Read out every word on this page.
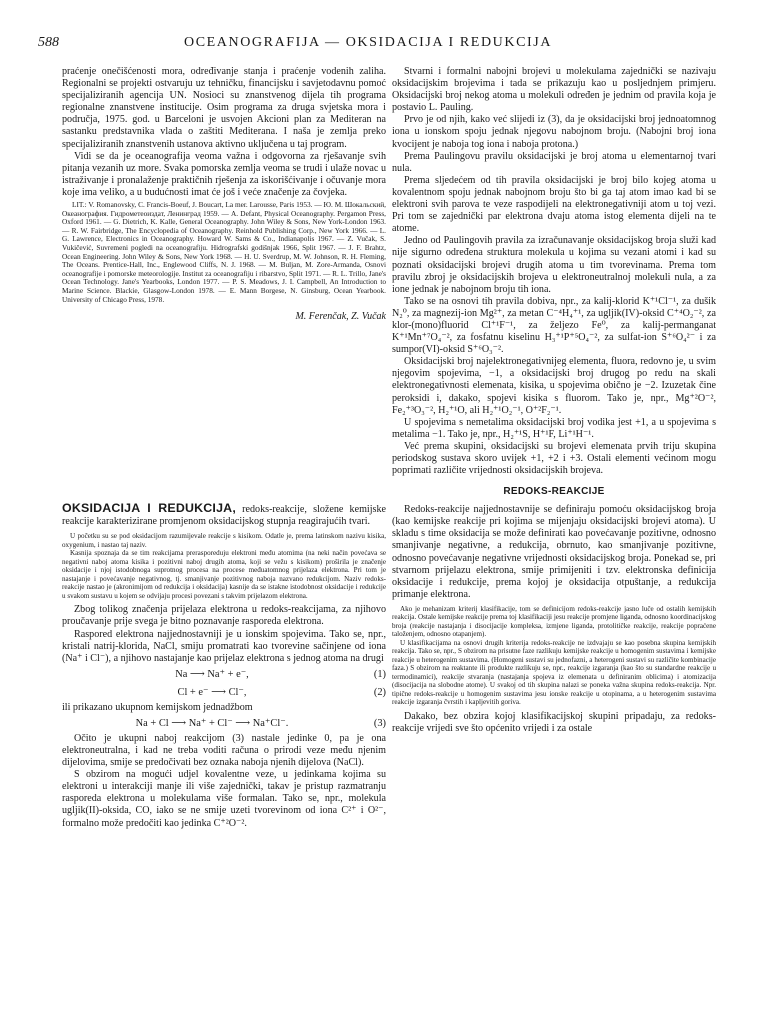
588	OCEANOGRAFIJA — OKSIDACIJA I REDUKCIJA

praćenje onečišćenosti mora, određivanje stanja i praćenje vodenih zaliha. Regionalni se projekti ostvaruju uz tehničku, financijsku i savjetodavnu pomoć specijaliziranih agencija UN. Nosioci su znanstvenog dijela tih programa regionalne znanstvene institucije. Osim programa za druga svjetska mora i područja, 1975. god. u Barceloni je usvojen Akcioni plan za Mediteran na sastanku predstavnika vlada o zaštiti Mediterana. I naša je zemlja preko specijaliziranih znanstvenih ustanova aktivno uključena u taj program.

Vidi se da je oceanografija veoma važna i odgovorna za rješavanje svih pitanja vezanih uz more. Svaka pomorska zemlja veoma se trudi i ulaže novac u istraživanje i pronalaženje praktičnih rješenja za iskorišćivanje i očuvanje mora koje ima veliko, a u budućnosti imat će još i veće značenje za čovjeka.

LIT.: V. Romanovsky, C. Francis-Boeuf, J. Boucart, La mer. Larousse, Paris 1953. — Ю. М. Шокальский, Океанография. Гидрометеоиздат, Ленинград 1959. — A. Defant, Physical Oceanography. Pergamon Press, Oxford 1961. — G. Dietrich, K. Kalle, General Oceanography. John Wiley & Sons, New York-London 1963. — R. W. Fairbridge, The Encyclopedia of Oceanography. Reinhold Publishing Corp., New York 1966. — L. G. Lawrence, Electronics in Oceanography. Howard W. Sams & Co., Indianapolis 1967. — Z. Vučak, S. Vukičević, Suvremeni pogledi na oceanografiju. Hidrografski godišnjak 1966, Split 1967. — J. F. Brahtz, Ocean Engineering. John Wiley & Sons, New York 1968. — H. U. Sverdrup, M. W. Johnson, R. H. Fleming, The Oceans. Prentice-Hall, Inc., Englewood Cliffs, N. J. 1968. — M. Buljan, M. Zore-Armanda, Osnovi oceanografije i pomorske meteorologije. Institut za oceanografiju i ribarstvo, Split 1971. — R. L. Trillo, Jane's Ocean Technology. Jane's Yearbooks, London 1977. — P. S. Meadows, J. I. Campbell, An Introduction to Marine Science. Blackie, Glasgow-London 1978. — E. Mann Borgese, N. Ginsburg, Ocean Yearbook. University of Chicago Press, 1978.

M. Ferenčak, Z. Vučak

OKSIDACIJA I REDUKCIJA, redoks-reakcije, složene kemijske reakcije karakterizirane promjenom oksidacijskog stupnja reagirajućih tvari.

U početku su se pod oksidacijom razumijevale reakcije s kisikom. Odatle je, prema latinskom nazivu kisika, oxygenium, i nastao taj naziv.

Kasnija spoznaja da se tim reakcijama prerasporeduju elektroni među atomima (na neki način povećava se negativni naboj atoma kisika i pozitivni naboj drugih atoma, koji se vežu s kisikom) proširila je značenje oksidacije i njoj istodobnoga suprotnog procesa na procese međuatomnog prijelaza elektrona. Pri tom je nastajanje i povećavanje negativnog, tj. smanjivanje pozitivnog naboja nazvano redukcijom. Naziv redoks-reakcije nastao je (akronimijom od redukcija i oksidacija) kasnije da se istakne istodobnost oksidacije i redukcije u svakom sustavu u kojem se odvijaju procesi povezani s takvim prijelazom elektrona.

Zbog tolikog značenja prijelaza elektrona u redoks-reakcijama, za njihovo proučavanje prije svega je bitno poznavanje rasporeda elektrona.

Raspored elektrona najjednostavniji je u ionskim spojevima. Tako se, npr., kristali natrij-klorida, NaCl, smiju promatrati kao tvorevine sačinjene od iona (Na⁺ i Cl⁻), a njihovo nastajanje kao prijelaz elektrona s jednog atoma na drugi

Na ⟶ Na⁺ + e⁻,	(1)
Cl + e⁻ ⟶ Cl⁻,	(2)

ili prikazano ukupnom kemijskom jednadžbom

Na + Cl ⟶ Na⁺ + Cl⁻ ⟶ Na⁺Cl⁻.	(3)

Očito je ukupni naboj reakcijom (3) nastale jedinke 0, pa je ona elektroneutralna, i kad ne treba voditi računa o prirodi veze među njenim dijelovima, smije se predočivati bez oznaka naboja njenih dijelova (NaCl).

S obzirom na mogući udjel kovalentne veze, u jedinkama kojima su elektroni u interakciji manje ili više zajednički, takav je pristup razmatranju rasporeda elektrona u molekulama više formalan. Tako se, npr., molekula ugljik(II)-oksida, CO, iako se ne smije uzeti tvorevinom od iona C²⁺ i O²⁻, formalno može predočiti kao jedinka C⁺²O⁻².

Stvarni i formalni nabojni brojevi u molekulama zajednički se nazivaju oksidacijskim brojevima i tada se prikazuju kao u posljednjem primjeru. Oksidacijski broj nekog atoma u molekuli određen je jednim od pravila koja je postavio L. Pauling.

Prvo je od njih, kako već slijedi iz (3), da je oksidacijski broj jednoatomnog iona u ionskom spoju jednak njegovu nabojnom broju. (Nabojni broj iona kvocijent je naboja tog iona i naboja protona.)

Prema Paulingovu pravilu oksidacijski je broj atoma u elementarnoj tvari nula.

Prema sljedećem od tih pravila oksidacijski je broj bilo kojeg atoma u kovalentnom spoju jednak nabojnom broju što bi ga taj atom imao kad bi se elektroni svih parova te veze raspodijeli na elektronegativniji atom u toj vezi. Pri tom se zajednički par elektrona dvaju atoma istog elementa dijeli na te atome.

Jedno od Paulingovih pravila za izračunavanje oksidacijskog broja služi kad nije sigurno određena struktura molekula u kojima su vezani atomi i kad su poznati oksidacijski brojevi drugih atoma u tim tvorevinama. Prema tom pravilu zbroj je oksidacijskih brojeva u elektroneutralnoj molekuli nula, a za ione jednak je nabojnom broju tih iona.

Tako se na osnovi tih pravila dobiva, npr., za kalij-klorid K⁺¹Cl⁻¹, za dušik N₂⁰, za magnezij-ion Mg²⁺, za metan C⁻⁴H₄⁺¹, za ugljik(IV)-oksid C⁺⁴O₂⁻², za klor-(mono)fluorid Cl⁺¹F⁻¹, za željezo Fe⁰, za kalij-permanganat K⁺¹Mn⁺⁷O₄⁻², za fosfatnu kiselinu H₃⁺¹P⁺⁵O₄⁻², za sulfat-ion S⁺⁶O₄²⁻ i za sumpor(VI)-oksid S⁺⁶O₃⁻².

Oksidacijski broj najelektronegativnijeg elementa, fluora, redovno je, u svim njegovim spojevima, −1, a oksidacijski broj drugog po redu na skali elektronegativnosti elemenata, kisika, u spojevima obično je −2. Izuzetak čine peroksidi i, dakako, spojevi kisika s fluorom. Tako je, npr., Mg⁺²O⁻², Fe₂⁺³O₃⁻², H₂⁺¹O, ali H₂⁺¹O₂⁻¹, O⁺²F₂⁻¹.

U spojevima s nemetalima oksidacijski broj vodika jest +1, a u spojevima s metalima −1. Tako je, npr., H₂⁺¹S, H⁺¹F, Li⁺¹H⁻¹.

Već prema skupini, oksidacijski su brojevi elemenata prvih triju skupina periodskog sustava skoro uvijek +1, +2 i +3. Ostali elementi većinom mogu poprimati različite vrijednosti oksidacijskih brojeva.

REDOKS-REAKCIJE

Redoks-reakcije najjednostavnije se definiraju pomoću oksidacijskog broja (kao kemijske reakcije pri kojima se mijenjaju oksidacijski brojevi atoma). U skladu s time oksidacija se može definirati kao povećavanje pozitivne, odnosno smanjivanje negativne, a redukcija, obrnuto, kao smanjivanje pozitivne, odnosno povećavanje negativne vrijednosti oksidacijskog broja. Ponekad se, pri stvarnom prijelazu elektrona, smije primijeniti i tzv. elektronska definicija oksidacije i redukcije, prema kojoj je oksidacija otpuštanje, a redukcija primanje elektrona.

Ako je mehanizam kriterij klasifikacije, tom se definicijom redoks-reakcije jasno luče od ostalih kemijskih reakcija. Ostale kemijske reakcije prema toj klasifikaciji jesu reakcije promjene liganda, odnosno koordinacijskog broja (reakcije nastajanja i disocijacije kompleksa, izmjene liganda, protolitičke reakcije, reakcije popraćene taloženjem, odnosno otapanjem).

U klasifikacijama na osnovi drugih kriterija redoks-reakcije ne izdvajaju se kao posebna skupina kemijskih reakcija. Tako se, npr., S obzirom na prisutne faze razlikuju kemijske reakcije u homogenim sustavima i kemijske reakcije u heterogenim sustavima. (Homogeni sustavi su jednofazni, a heterogeni sustavi su različite kombinacije faza.) S obzirom na reaktante ili produkte razlikuju se, npr., reakcije izgaranja (kao što su standardne reakcije u termodinamici), reakcije stvaranja (nastajanja spojeva iz elemenata u definiranim oblicima) i atomizacija (disocijacija na slobodne atome). U svakoj od tih skupina nalazi se poneka važna skupina redoks-reakcija. Npr. tipične redoks-reakcije u homogenim sustavima jesu ionske reakcije u otopinama, a u heterogenim sustavima reakcije izgaranja čvrstih i kapljevitih goriva.

Dakako, bez obzira kojoj klasifikacijskoj skupini pripadaju, za redoks-reakcije vrijedi sve što općenito vrijedi i za ostale
